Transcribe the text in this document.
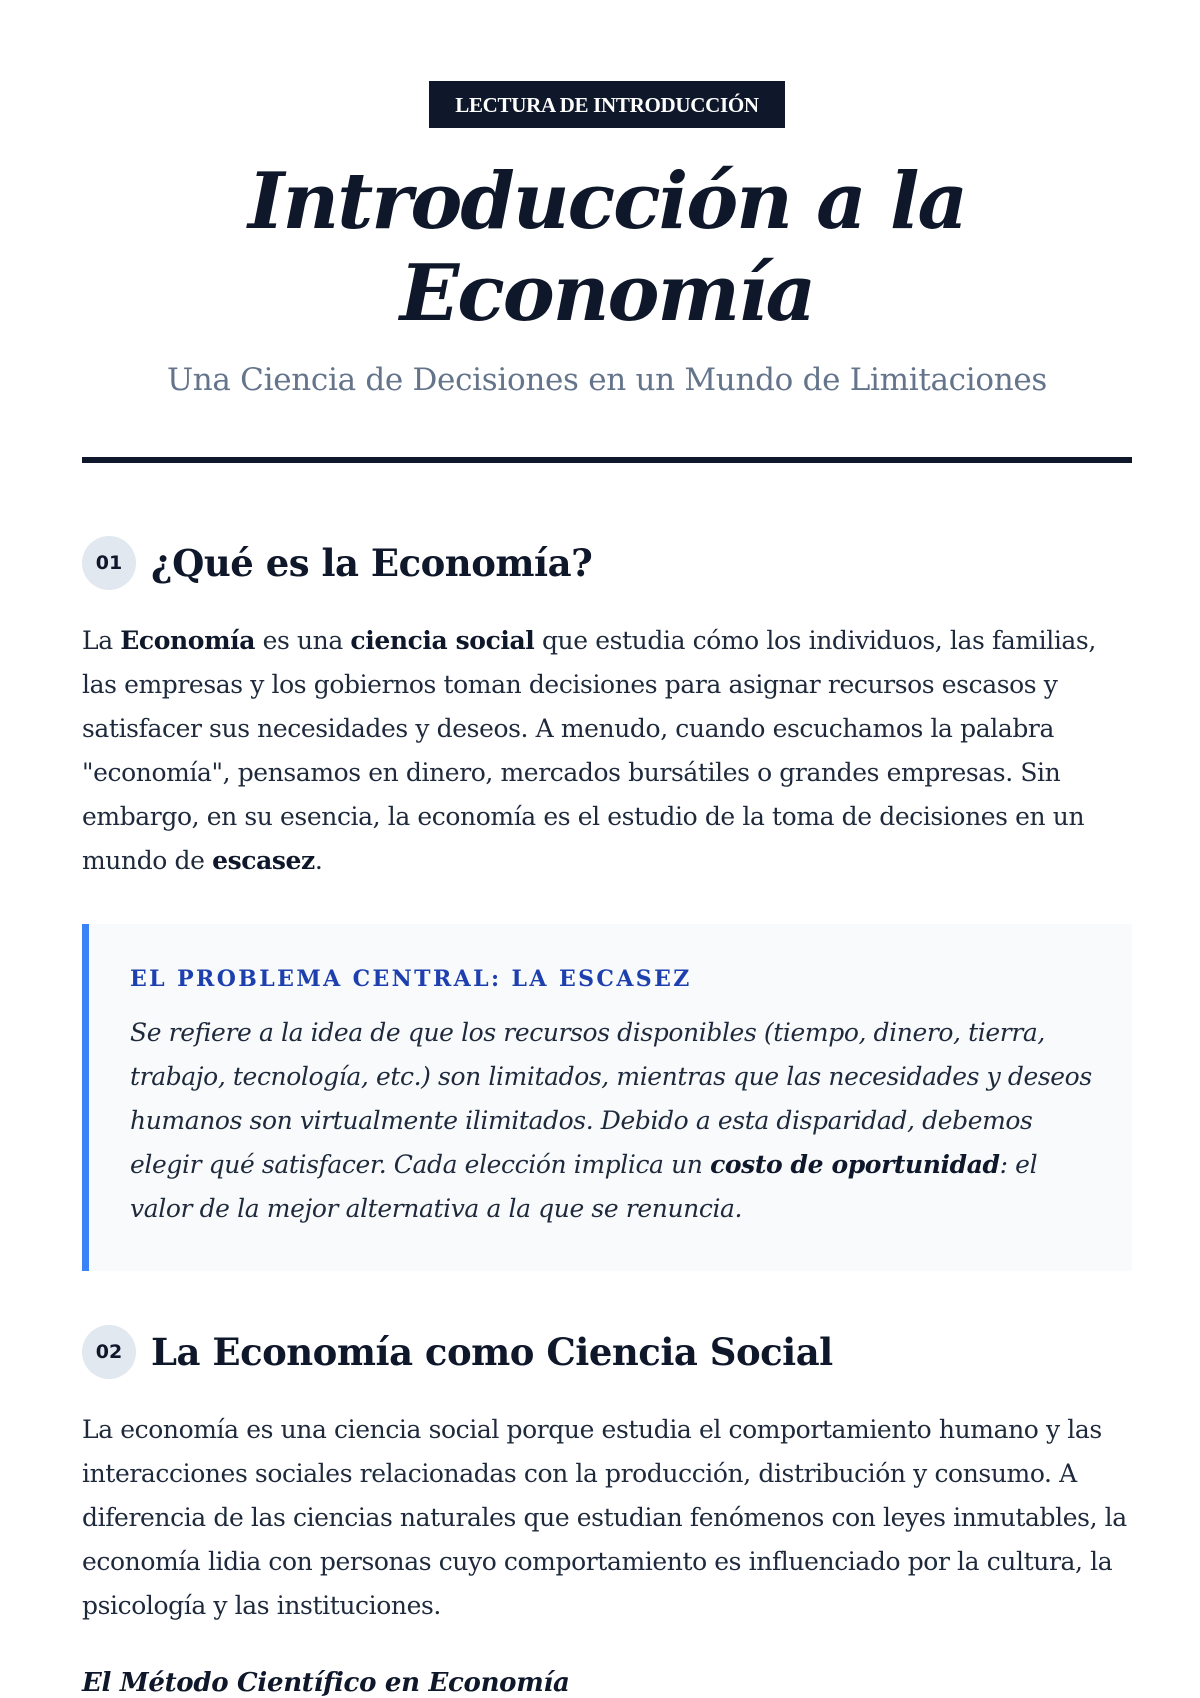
LECTURA DE INTRODUCCIÓN
Introducción a la Economía
Una Ciencia de Decisiones en un Mundo de Limitaciones
01 ¿Qué es la Economía?

La Economía es una ciencia social que estudia cómo los individuos, las familias, las empresas y los gobiernos toman decisiones para asignar recursos escasos y satisfacer sus necesidades y deseos. A menudo, cuando escuchamos la palabra "economía", pensamos en dinero, mercados bursátiles o grandes empresas. Sin embargo, en su esencia, la economía es el estudio de la toma de decisiones en un mundo de escasez.

EL PROBLEMA CENTRAL: LA ESCASEZ
Se refiere a la idea de que los recursos disponibles (tiempo, dinero, tierra, trabajo, tecnología, etc.) son limitados, mientras que las necesidades y deseos humanos son virtualmente ilimitados. Debido a esta disparidad, debemos elegir qué satisfacer. Cada elección implica un costo de oportunidad: el valor de la mejor alternativa a la que se renuncia.
02 La Economía como Ciencia Social

La economía es una ciencia social porque estudia el comportamiento humano y las interacciones sociales relacionadas con la producción, distribución y consumo. A diferencia de las ciencias naturales que estudian fenómenos con leyes inmutables, la economía lidia con personas cuyo comportamiento es influenciado por la cultura, la psicología y las instituciones.

El Método Científico en Economía
